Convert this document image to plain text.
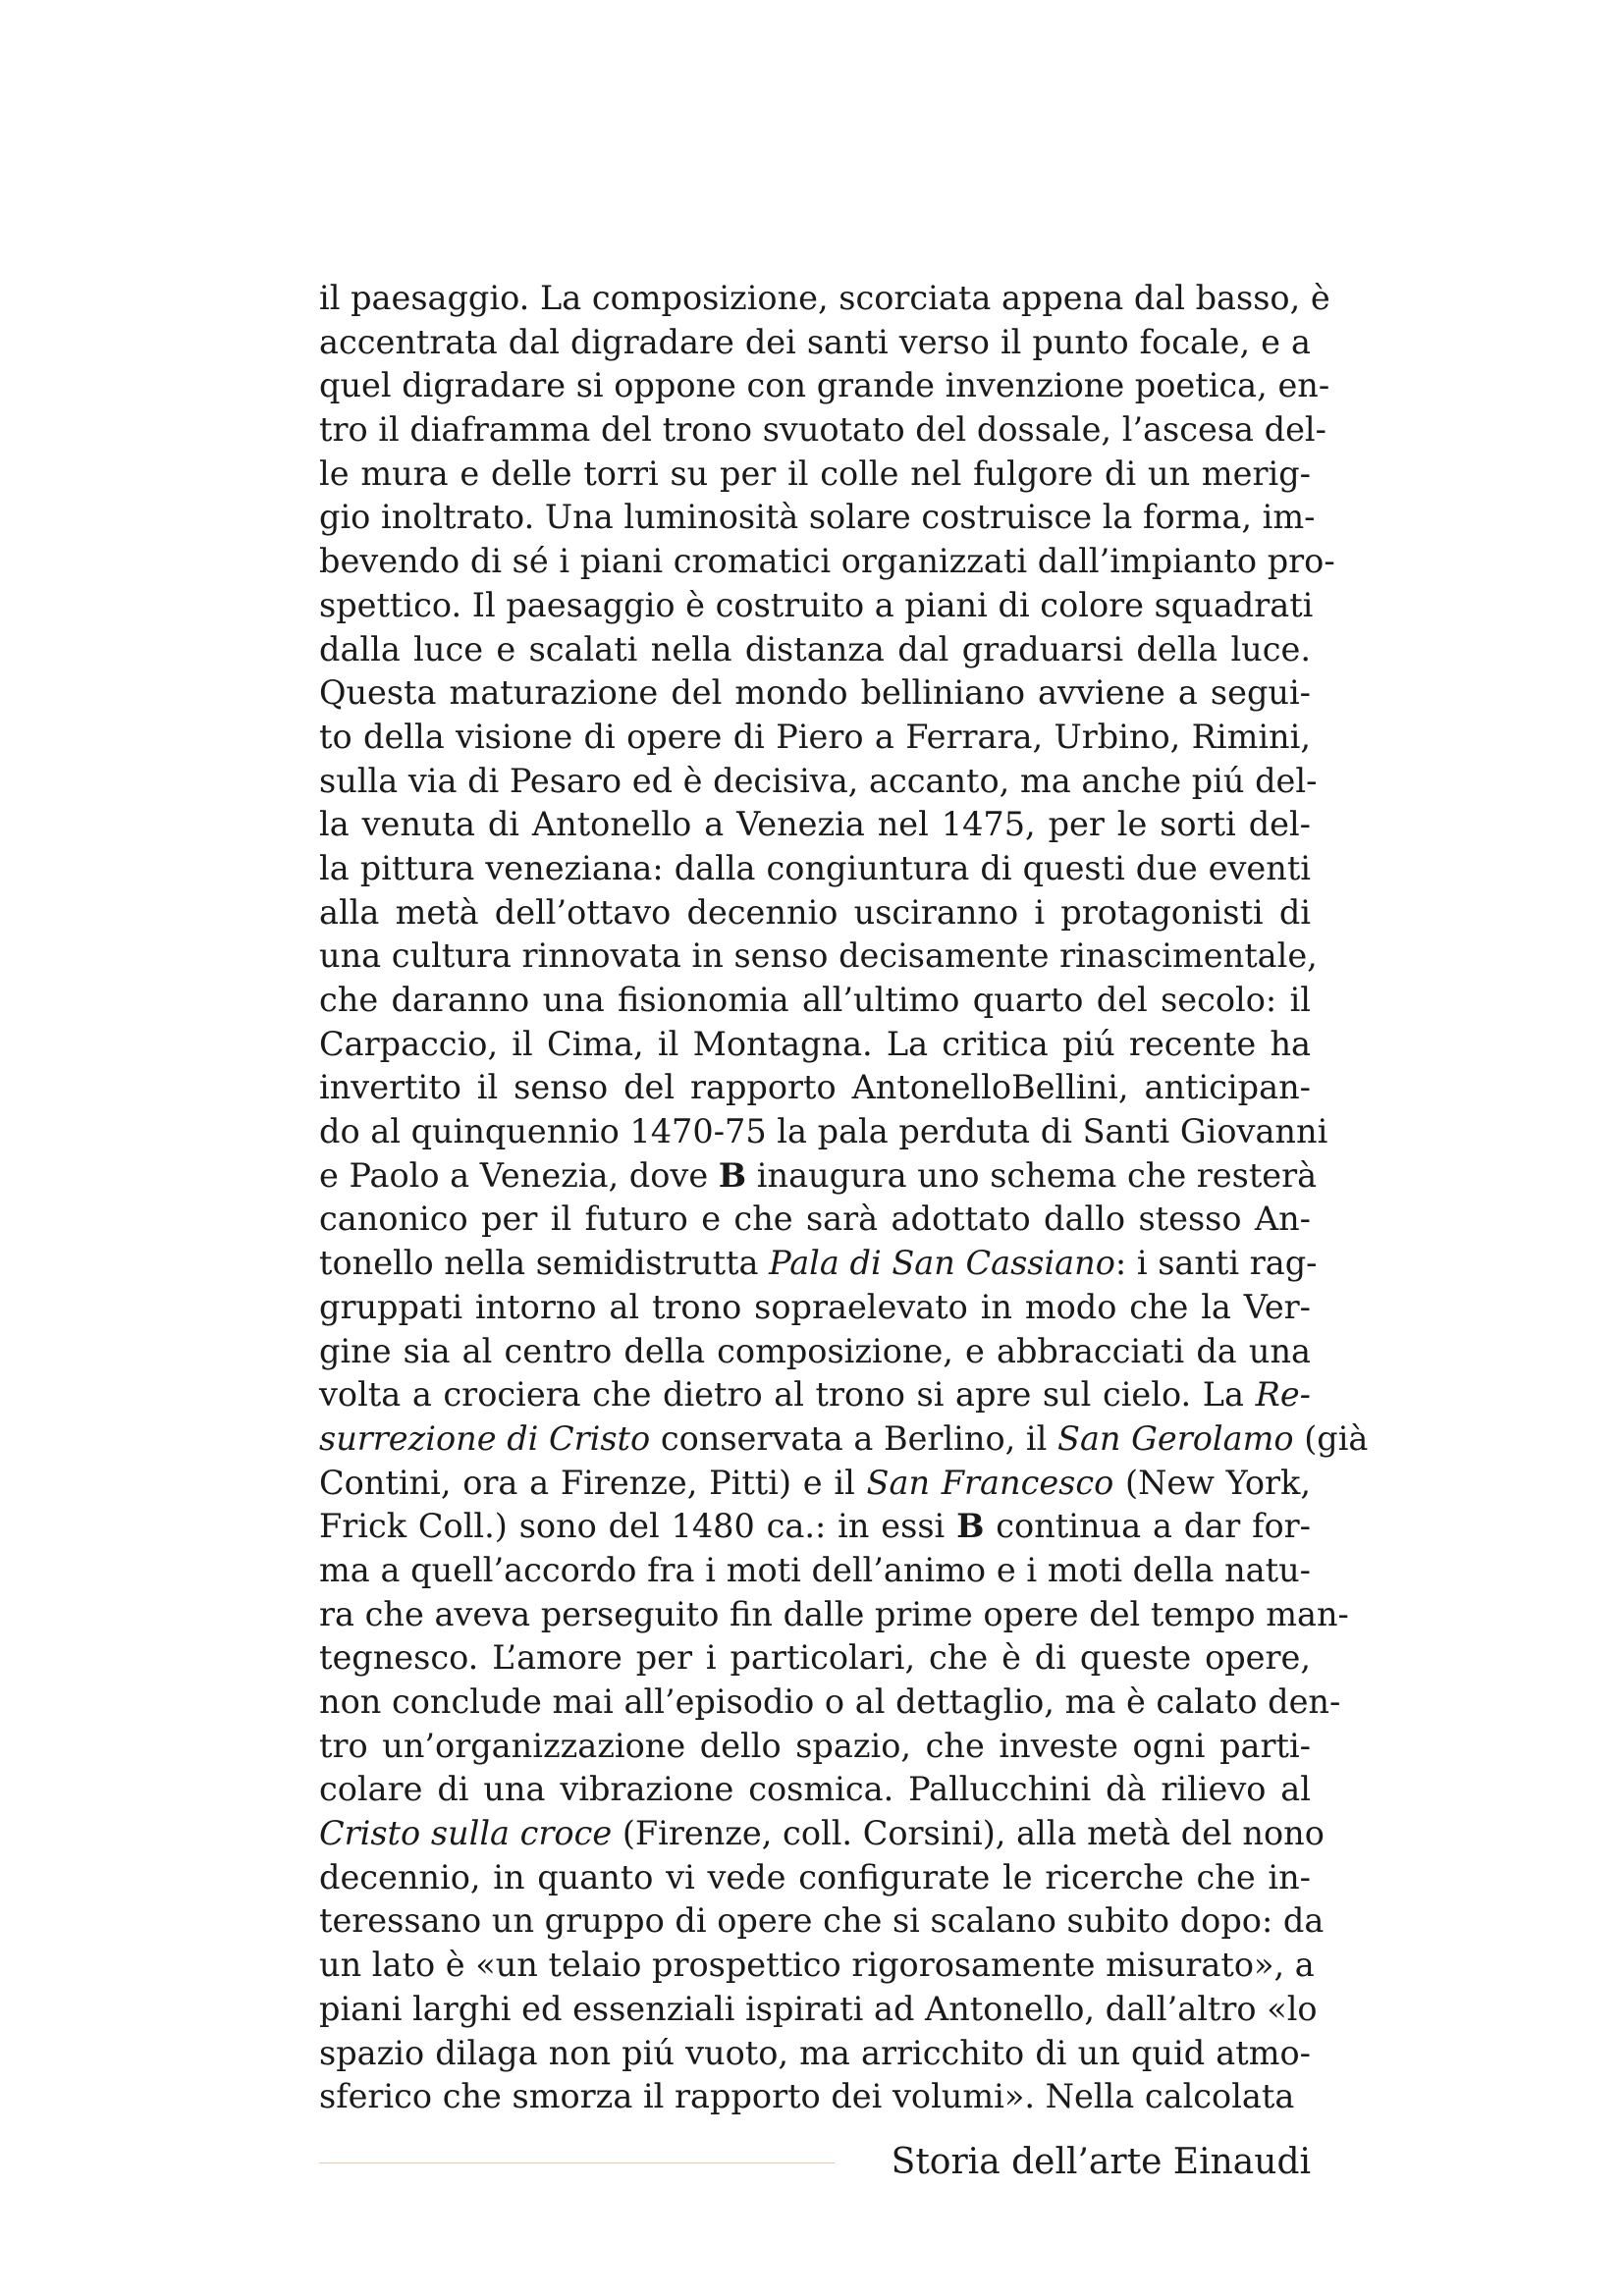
il paesaggio. La composizione, scorciata appena dal basso, è
accentrata dal digradare dei santi verso il punto focale, e a
quel digradare si oppone con grande invenzione poetica, en-
tro il diaframma del trono svuotato del dossale, l’ascesa del-
le mura e delle torri su per il colle nel fulgore di un merig-
gio inoltrato. Una luminosità solare costruisce la forma, im-
bevendo di sé i piani cromatici organizzati dall’impianto pro-
spettico. Il paesaggio è costruito a piani di colore squadrati
dalla luce e scalati nella distanza dal graduarsi della luce.
Questa maturazione del mondo belliniano avviene a segui-
to della visione di opere di Piero a Ferrara, Urbino, Rimini,
sulla via di Pesaro ed è decisiva, accanto, ma anche piú del-
la venuta di Antonello a Venezia nel 1475, per le sorti del-
la pittura veneziana: dalla congiuntura di questi due eventi
alla metà dell’ottavo decennio usciranno i protagonisti di
una cultura rinnovata in senso decisamente rinascimentale,
che daranno una fisionomia all’ultimo quarto del secolo: il
Carpaccio, il Cima, il Montagna. La critica piú recente ha
invertito il senso del rapporto AntonelloBellini, anticipan-
do al quinquennio 1470-75 la pala perduta di Santi Giovanni
e Paolo a Venezia, dove B inaugura uno schema che resterà
canonico per il futuro e che sarà adottato dallo stesso An-
tonello nella semidistrutta Pala di San Cassiano: i santi rag-
gruppati intorno al trono sopraelevato in modo che la Ver-
gine sia al centro della composizione, e abbracciati da una
volta a crociera che dietro al trono si apre sul cielo. La Re-
surrezione di Cristo conservata a Berlino, il San Gerolamo (già
Contini, ora a Firenze, Pitti) e il San Francesco (New York,
Frick Coll.) sono del 1480 ca.: in essi B continua a dar for-
ma a quell’accordo fra i moti dell’animo e i moti della natu-
ra che aveva perseguito fin dalle prime opere del tempo man-
tegnesco. L’amore per i particolari, che è di queste opere,
non conclude mai all’episodio o al dettaglio, ma è calato den-
tro un’organizzazione dello spazio, che investe ogni parti-
colare di una vibrazione cosmica. Pallucchini dà rilievo al
Cristo sulla croce (Firenze, coll. Corsini), alla metà del nono
decennio, in quanto vi vede configurate le ricerche che in-
teressano un gruppo di opere che si scalano subito dopo: da
un lato è «un telaio prospettico rigorosamente misurato», a
piani larghi ed essenziali ispirati ad Antonello, dall’altro «lo
spazio dilaga non piú vuoto, ma arricchito di un quid atmo-
sferico che smorza il rapporto dei volumi». Nella calcolata
Storia dell’arte Einaudi
